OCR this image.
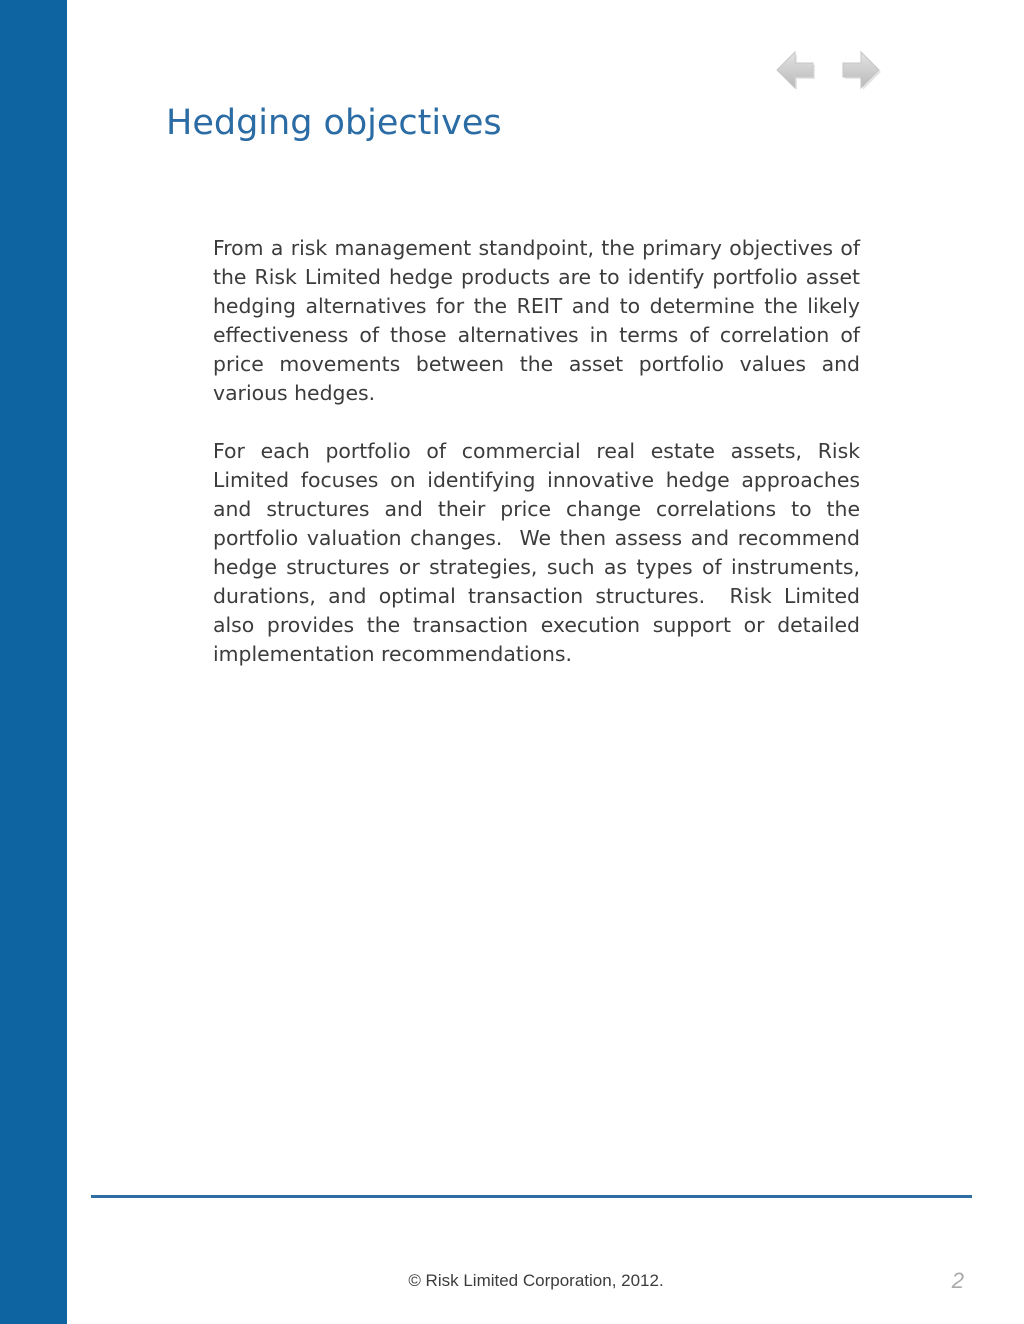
Hedging objectives

From a risk management standpoint, the primary objectives of the Risk Limited hedge products are to identify portfolio asset hedging alternatives for the REIT and to determine the likely effectiveness of those alternatives in terms of correlation of price movements between the asset portfolio values and various hedges.

For each portfolio of commercial real estate assets, Risk Limited focuses on identifying innovative hedge approaches and structures and their price change correlations to the portfolio valuation changes.  We then assess and recommend hedge structures or strategies, such as types of instruments, durations, and optimal transaction structures.  Risk Limited also provides the transaction execution support or detailed implementation recommendations.

© Risk Limited Corporation, 2012.	2
